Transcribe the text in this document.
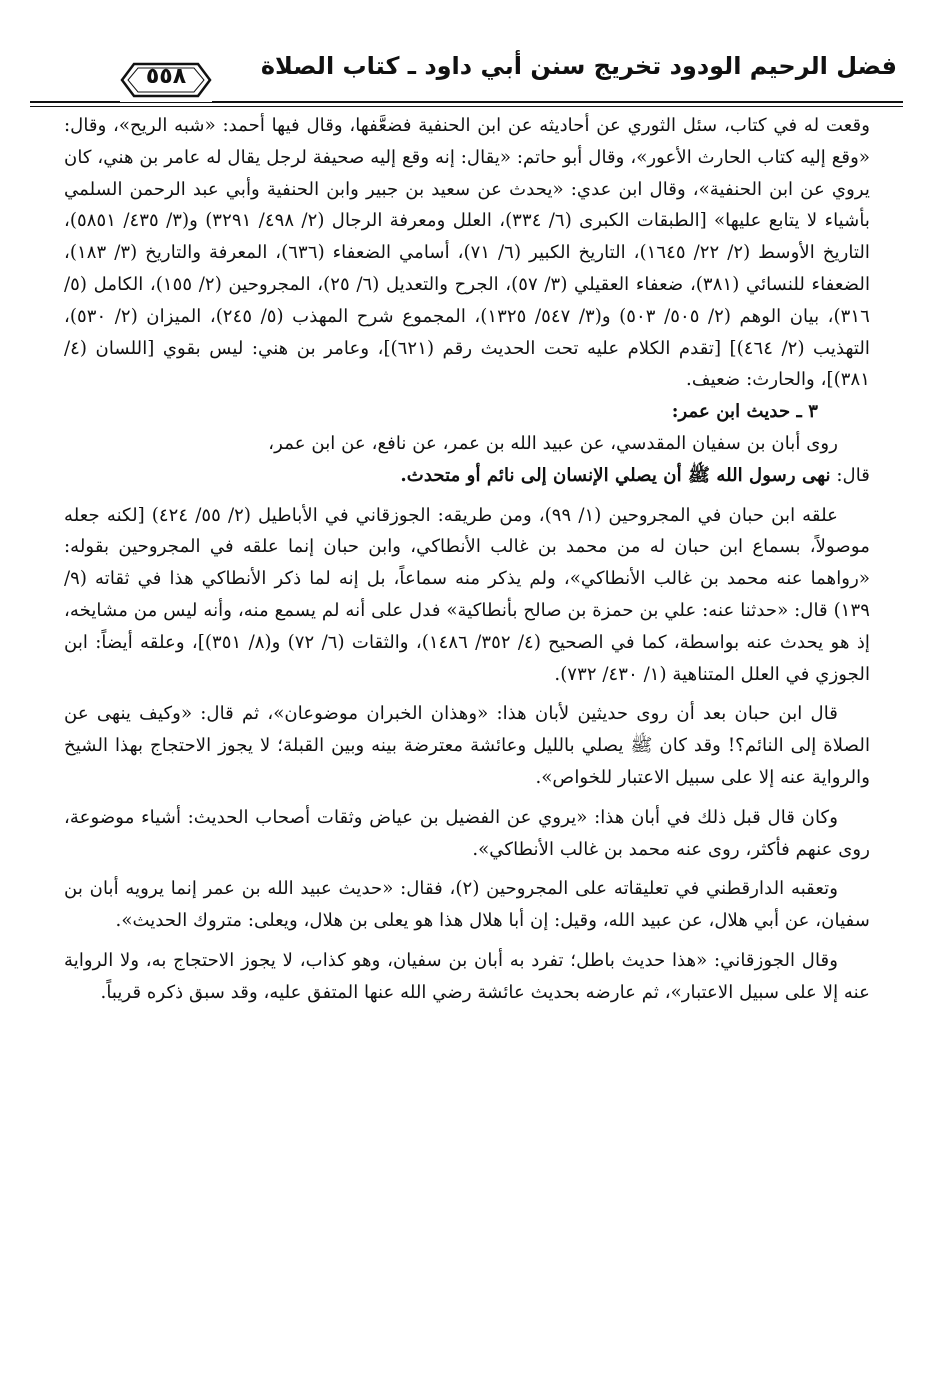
فضل الرحيم الودود تخريج سنن أبي داود ـ كتاب الصلاة
٥٥٨

وقعت له في كتاب، سئل الثوري عن أحاديثه عن ابن الحنفية فضعَّفها، وقال فيها أحمد: «شبه الريح»، وقال: «وقع إليه كتاب الحارث الأعور»، وقال أبو حاتم: «يقال: إنه وقع إليه صحيفة لرجل يقال له عامر بن هني، كان يروي عن ابن الحنفية»، وقال ابن عدي: «يحدث عن سعيد بن جبير وابن الحنفية وأبي عبد الرحمن السلمي بأشياء لا يتابع عليها» [الطبقات الكبرى (٦/ ٣٣٤)، العلل ومعرفة الرجال (٢/ ٤٩٨/ ٣٢٩١) و(٣/ ٤٣٥/ ٥٨٥١)، التاريخ الأوسط (٢/ ٢٢/ ١٦٤٥)، التاريخ الكبير (٦/ ٧١)، أسامي الضعفاء (٦٣٦)، المعرفة والتاريخ (٣/ ١٨٣)، الضعفاء للنسائي (٣٨١)، ضعفاء العقيلي (٣/ ٥٧)، الجرح والتعديل (٦/ ٢٥)، المجروحين (٢/ ١٥٥)، الكامل (٥/ ٣١٦)، بيان الوهم (٢/ ٥٠٥/ ٥٠٣) و(٣/ ٥٤٧/ ١٣٢٥)، المجموع شرح المهذب (٥/ ٢٤٥)، الميزان (٢/ ٥٣٠)، التهذيب (٢/ ٤٦٤)] [تقدم الكلام عليه تحت الحديث رقم (٦٢١)]، وعامر بن هني: ليس بقوي [اللسان (٤/ ٣٨١)]، والحارث: ضعيف.

٣ ـ حديث ابن عمر:

روى أبان بن سفيان المقدسي، عن عبيد الله بن عمر، عن نافع، عن ابن عمر،
قال: نهى رسول الله ﷺ أن يصلي الإنسان إلى نائم أو متحدث.

علقه ابن حبان في المجروحين (١/ ٩٩)، ومن طريقه: الجوزقاني في الأباطيل (٢/ ٥٥/ ٤٢٤) [لكنه جعله موصولاً، بسماع ابن حبان له من محمد بن غالب الأنطاكي، وابن حبان إنما علقه في المجروحين بقوله: «رواهما عنه محمد بن غالب الأنطاكي»، ولم يذكر منه سماعاً، بل إنه لما ذكر الأنطاكي هذا في ثقاته (٩/ ١٣٩) قال: «حدثنا عنه: علي بن حمزة بن صالح بأنطاكية» فدل على أنه لم يسمع منه، وأنه ليس من مشايخه، إذ هو يحدث عنه بواسطة، كما في الصحيح (٤/ ٣٥٢/ ١٤٨٦)، والثقات (٦/ ٧٢) و(٨/ ٣٥١)]، وعلقه أيضاً: ابن الجوزي في العلل المتناهية (١/ ٤٣٠/ ٧٣٢).

قال ابن حبان بعد أن روى حديثين لأبان هذا: «وهذان الخبران موضوعان»، ثم قال: «وكيف ينهى عن الصلاة إلى النائم؟! وقد كان ﷺ يصلي بالليل وعائشة معترضة بينه وبين القبلة؛ لا يجوز الاحتجاج بهذا الشيخ والرواية عنه إلا على سبيل الاعتبار للخواص».

وكان قال قبل ذلك في أبان هذا: «يروي عن الفضيل بن عياض وثقات أصحاب الحديث: أشياء موضوعة، روى عنهم فأكثر، روى عنه محمد بن غالب الأنطاكي».

وتعقبه الدارقطني في تعليقاته على المجروحين (٢)، فقال: «حديث عبيد الله بن عمر إنما يرويه أبان بن سفيان، عن أبي هلال، عن عبيد الله، وقيل: إن أبا هلال هذا هو يعلى بن هلال، ويعلى: متروك الحديث».

وقال الجوزقاني: «هذا حديث باطل؛ تفرد به أبان بن سفيان، وهو كذاب، لا يجوز الاحتجاج به، ولا الرواية عنه إلا على سبيل الاعتبار»، ثم عارضه بحديث عائشة رضي الله عنها المتفق عليه، وقد سبق ذكره قريباً.
